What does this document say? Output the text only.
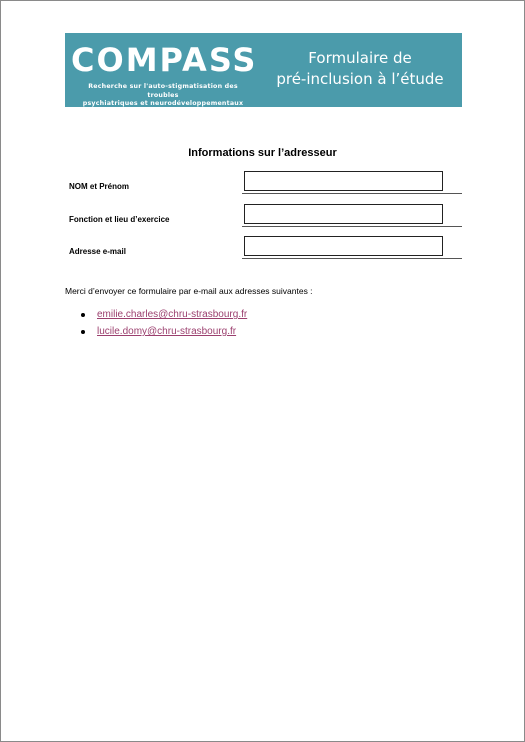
COMPASS
Recherche sur l'auto-stigmatisation des troubles
psychiatriques et neurodéveloppementaux
Formulaire de
pré-inclusion à l’étude
Informations sur l’adresseur
NOM et Prénom
Fonction et lieu d’exercice
Adresse e-mail
Merci d’envoyer ce formulaire par e-mail aux adresses suivantes :
emilie.charles@chru-strasbourg.fr
lucile.domy@chru-strasbourg.fr
